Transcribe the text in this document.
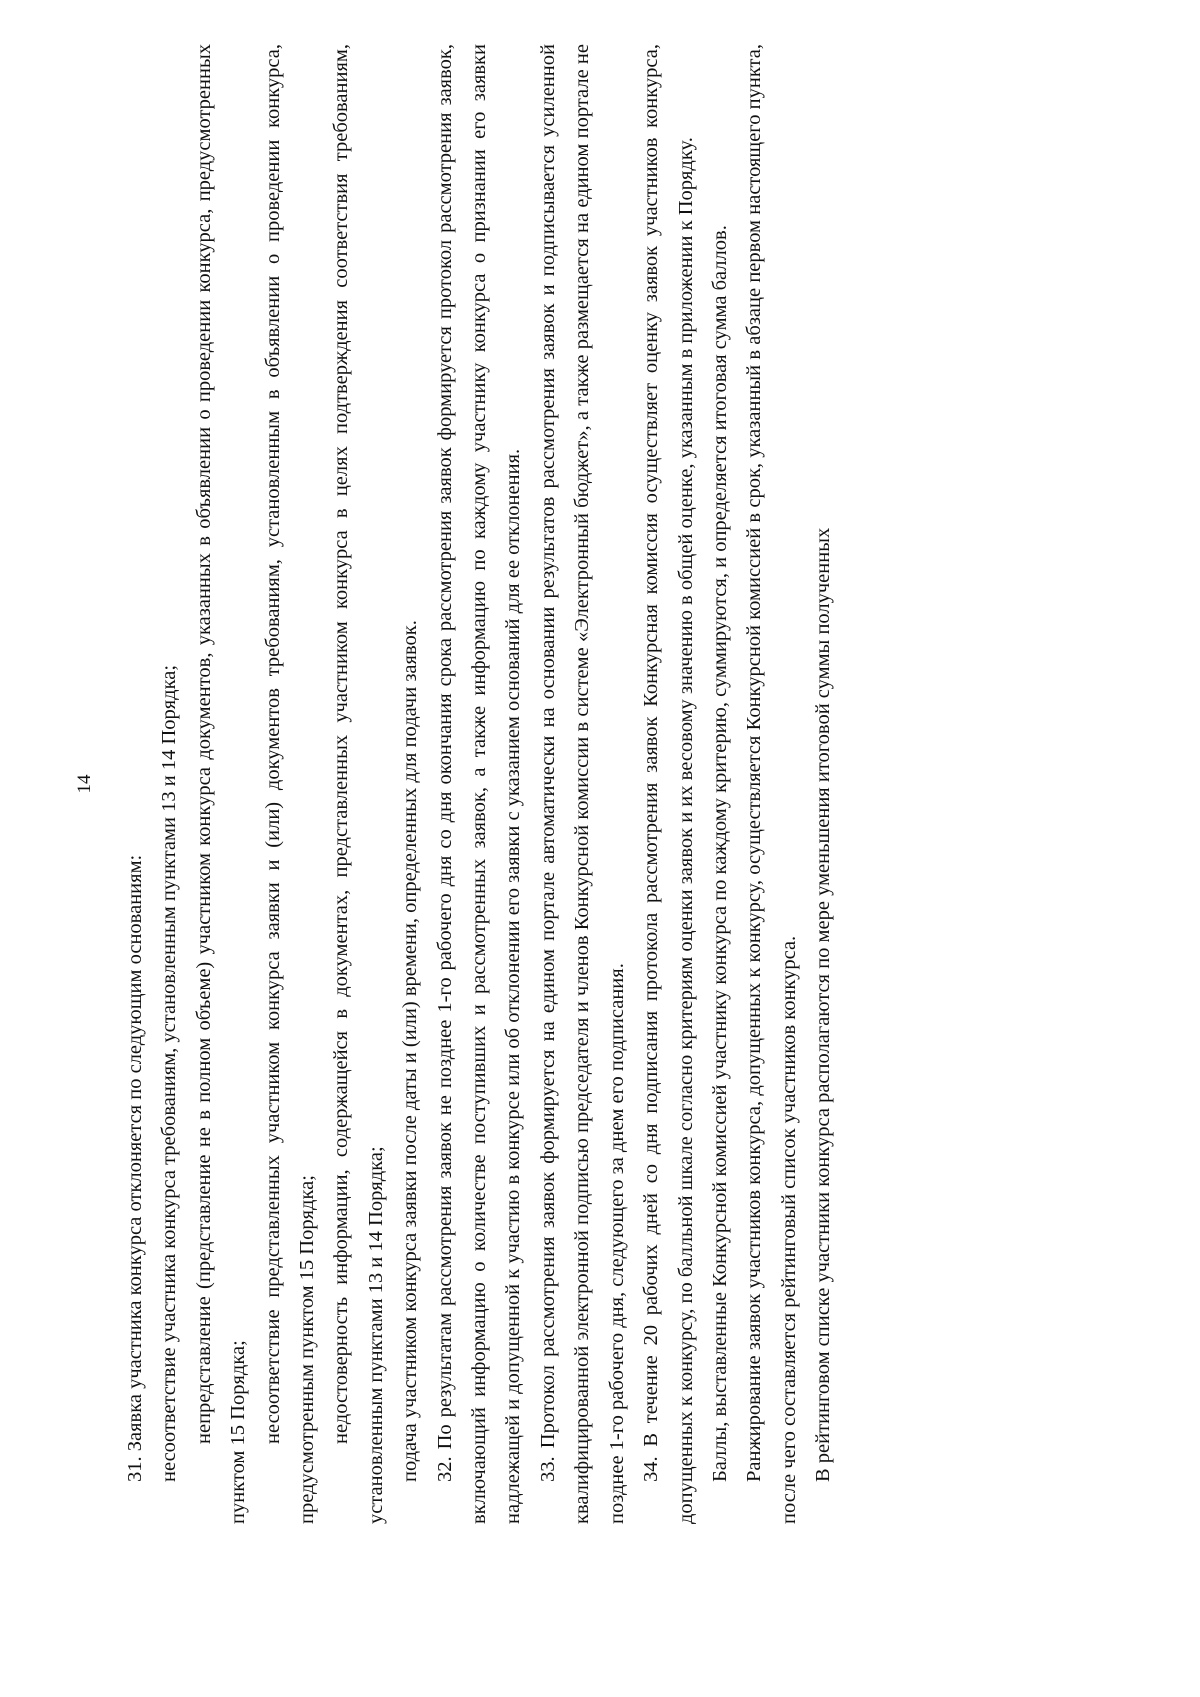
14

31. Заявка участника конкурса отклоняется по следующим основаниям: несоответствие участника конкурса требованиям, установленным пунктами 13 и 14 Порядка; непредставление (представление не в полном объеме) участником конкурса документов, указанных в объявлении о проведении конкурса, предусмотренных пунктом 15 Порядка; несоответствие представленных участником конкурса заявки и (или) документов требованиям, установленным в объявлении о проведении конкурса, предусмотренным пунктом 15 Порядка; недостоверность информации, содержащейся в документах, представленных участником конкурса в целях подтверждения соответствия требованиям, установленным пунктами 13 и 14 Порядка; подача участником конкурса заявки после даты и (или) времени, определенных для подачи заявок. 32. По результатам рассмотрения заявок не позднее 1-го рабочего дня со дня окончания срока рассмотрения заявок формируется протокол рассмотрения заявок, включающий информацию о количестве поступивших и рассмотренных заявок, а также информацию по каждому участнику конкурса о признании его заявки надлежащей и допущенной к участию в конкурсе или об отклонении его заявки с указанием оснований для ее отклонения. 33. Протокол рассмотрения заявок формируется на едином портале автоматически на основании результатов рассмотрения заявок и подписывается усиленной квалифицированной электронной подписью председателя и членов Конкурсной комиссии в системе «Электронный бюджет», а также размещается на едином портале не позднее 1-го рабочего дня, следующего за днем его подписания. 34. В течение 20 рабочих дней со дня подписания протокола рассмотрения заявок Конкурсная комиссия осуществляет оценку заявок участников конкурса, допущенных к конкурсу, по балльной шкале согласно критериям оценки заявок и их весовому значению в общей оценке, указанным в приложении к Порядку. Баллы, выставленные Конкурсной комиссией участнику конкурса по каждому критерию, суммируются, и определяется итоговая сумма баллов. Ранжирование заявок участников конкурса, допущенных к конкурсу, осуществляется Конкурсной комиссией в срок, указанный в абзаце первом настоящего пункта, после чего составляется рейтинговый список участников конкурса. В рейтинговом списке участники конкурса располагаются по мере уменьшения итоговой суммы полученных
